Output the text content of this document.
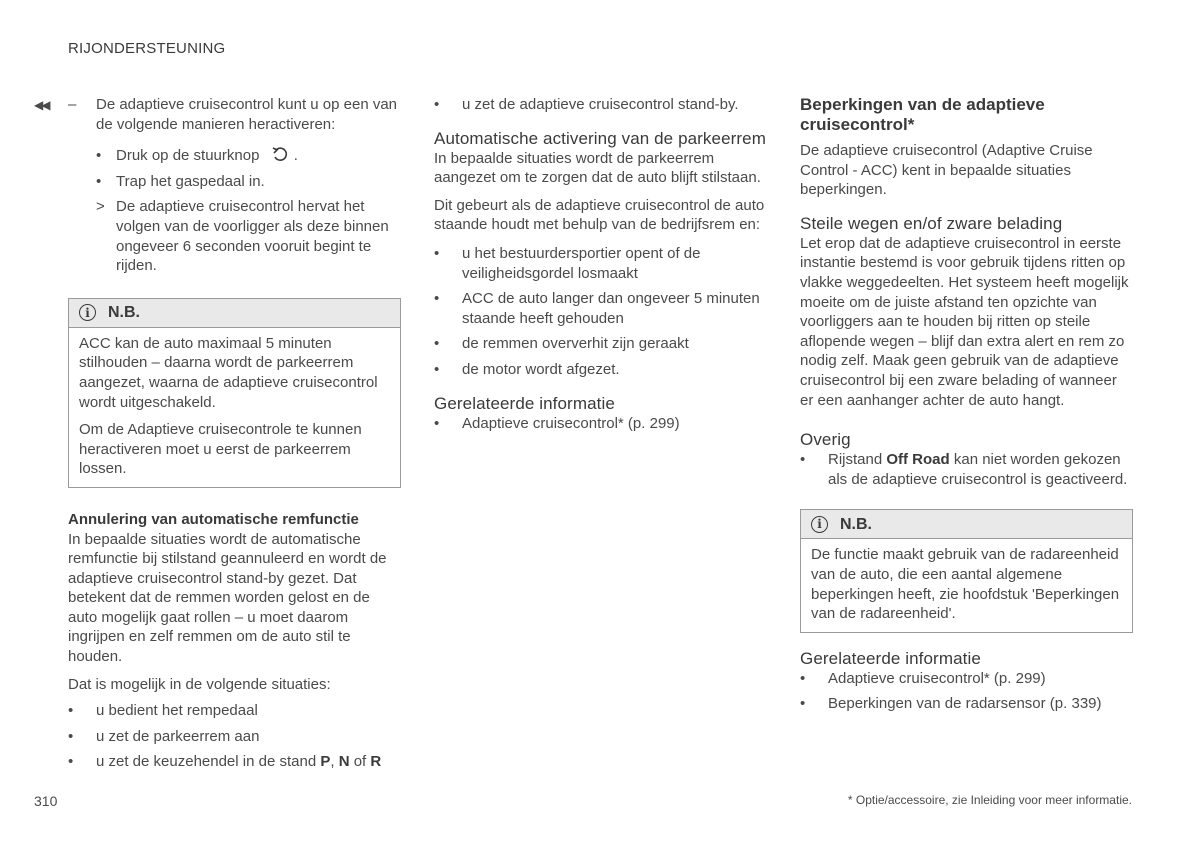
RIJONDERSTEUNING
◀◀ – De adaptieve cruisecontrol kunt u op een van de volgende manieren heractiveren:

• Druk op de stuurknop .
• Trap het gaspedaal in.
> De adaptieve cruisecontrol hervat het volgen van de voorligger als deze binnen ongeveer 6 seconden vooruit begint te rijden.
i	N.B.

ACC kan de auto maximaal 5 minuten stilhouden – daarna wordt de parkeerrem aangezet, waarna de adaptieve cruisecontrol wordt uitgeschakeld.

Om de Adaptieve cruisecontrole te kunnen heractiveren moet u eerst de parkeerrem lossen.

Annulering van automatische remfunctie

In bepaalde situaties wordt de automatische remfunctie bij stilstand geannuleerd en wordt de adaptieve cruisecontrol stand-by gezet. Dat betekent dat de remmen worden gelost en de auto mogelijk gaat rollen – u moet daarom ingrijpen en zelf remmen om de auto stil te houden.

Dat is mogelijk in de volgende situaties:

•	u bedient het rempedaal
•	u zet de parkeerrem aan
•	u zet de keuzehendel in de stand P, N of R
•	u zet de adaptieve cruisecontrol stand-by.
Automatische activering van de parkeerrem

In bepaalde situaties wordt de parkeerrem aangezet om te zorgen dat de auto blijft stilstaan.

Dit gebeurt als de adaptieve cruisecontrol de auto staande houdt met behulp van de bedrijfsrem en:

•	u het bestuurdersportier opent of de veiligheidsgordel losmaakt
•	ACC de auto langer dan ongeveer 5 minuten staande heeft gehouden
•	de remmen oververhit zijn geraakt
•	de motor wordt afgezet.
Gerelateerde informatie
•	Adaptieve cruisecontrol* (p. 299)
Beperkingen van de adaptieve cruisecontrol*

De adaptieve cruisecontrol (Adaptive Cruise Control - ACC) kent in bepaalde situaties beperkingen.

Steile wegen en/of zware belading

Let erop dat de adaptieve cruisecontrol in eerste instantie bestemd is voor gebruik tijdens ritten op vlakke weggedeelten. Het systeem heeft mogelijk moeite om de juiste afstand ten opzichte van voorliggers aan te houden bij ritten op steile aflopende wegen – blijf dan extra alert en rem zo nodig zelf. Maak geen gebruik van de adaptieve cruisecontrol bij een zware belading of wanneer er een aanhanger achter de auto hangt.

Overig
•	Rijstand Off Road kan niet worden gekozen als de adaptieve cruisecontrol is geactiveerd.
i	N.B.

De functie maakt gebruik van de radareenheid van de auto, die een aantal algemene beperkingen heeft, zie hoofdstuk 'Beperkingen van de radareenheid'.

Gerelateerde informatie
•	Adaptieve cruisecontrol* (p. 299)
•	Beperkingen van de radarsensor (p. 339)
310	* Optie/accessoire, zie Inleiding voor meer informatie.
